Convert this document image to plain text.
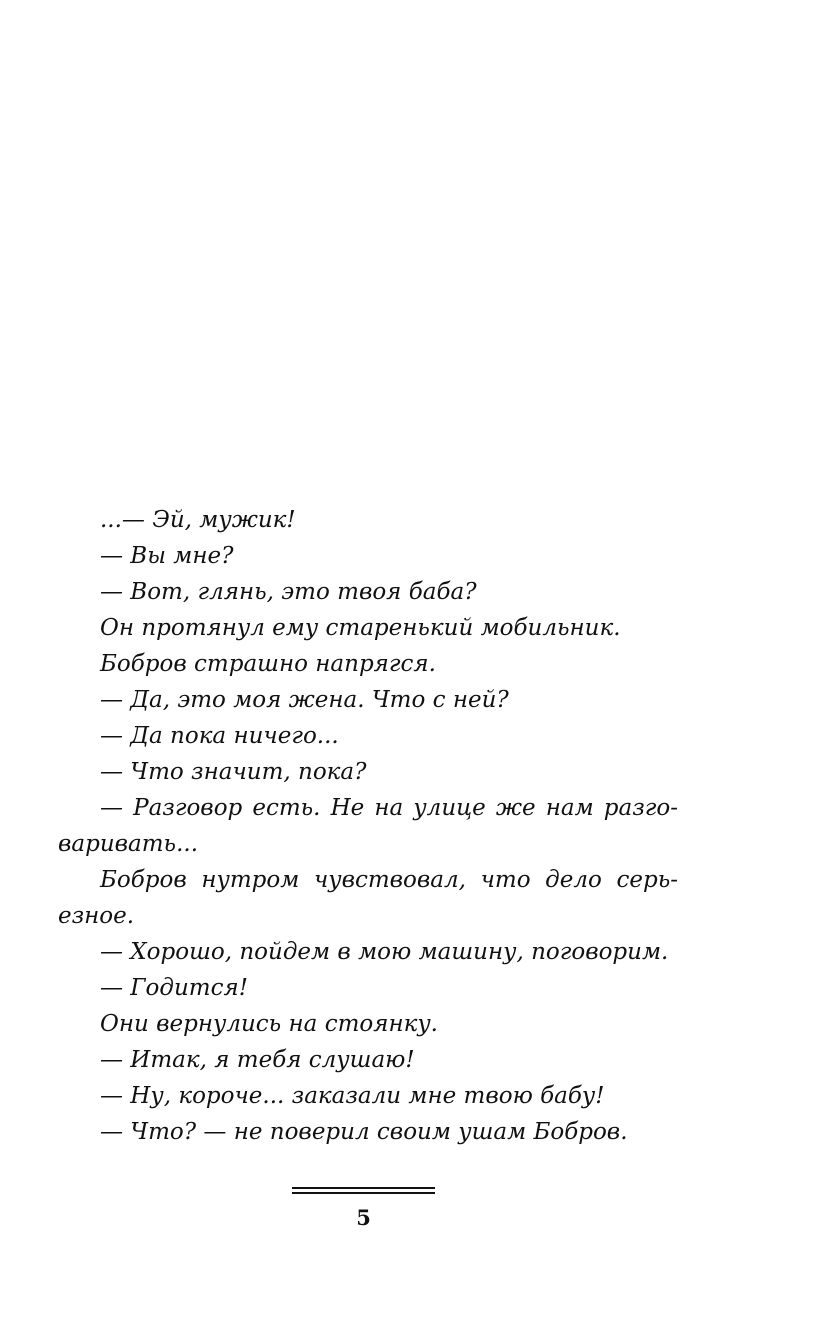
...— Эй, мужик!
— Вы мне?
— Вот, глянь, это твоя баба?
Он протянул ему старенький мобильник.
Бобров страшно напрягся.
— Да, это моя жена. Что с ней?
— Да пока ничего...
— Что значит, пока?
— Разговор есть. Не на улице же нам разго-
варивать...
Бобров нутром чувствовал, что дело серь-
езное.
— Хорошо, пойдем в мою машину, поговорим.
— Годится!
Они вернулись на стоянку.
— Итак, я тебя слушаю!
— Ну, короче... заказали мне твою бабу!
— Что? — не поверил своим ушам Бобров.
5
